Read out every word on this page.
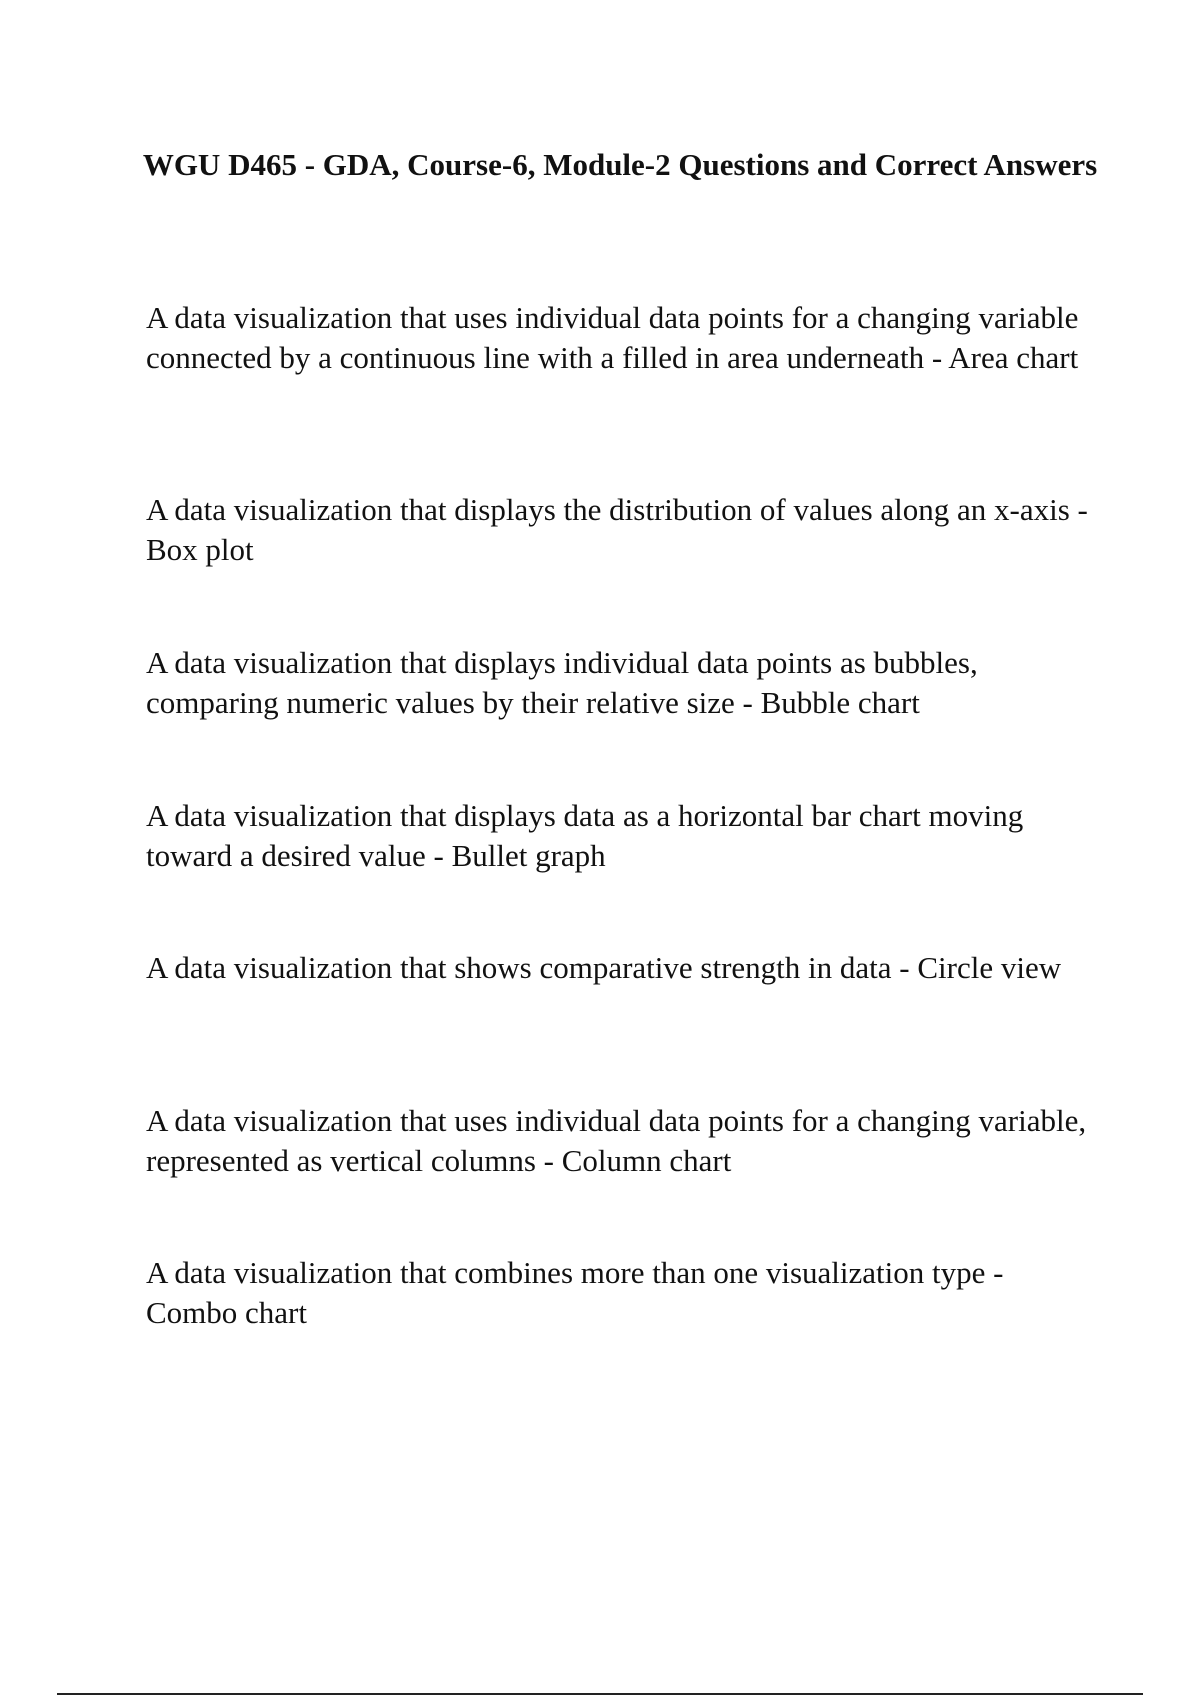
WGU D465 - GDA, Course-6, Module-2 Questions and Correct Answers

A data visualization that uses individual data points for a changing variable connected by a continuous line with a filled in area underneath - Area chart

A data visualization that displays the distribution of values along an x-axis - Box plot

A data visualization that displays individual data points as bubbles, comparing numeric values by their relative size - Bubble chart

A data visualization that displays data as a horizontal bar chart moving toward a desired value - Bullet graph

A data visualization that shows comparative strength in data - Circle view

A data visualization that uses individual data points for a changing variable, represented as vertical columns - Column chart

A data visualization that combines more than one visualization type - Combo chart
